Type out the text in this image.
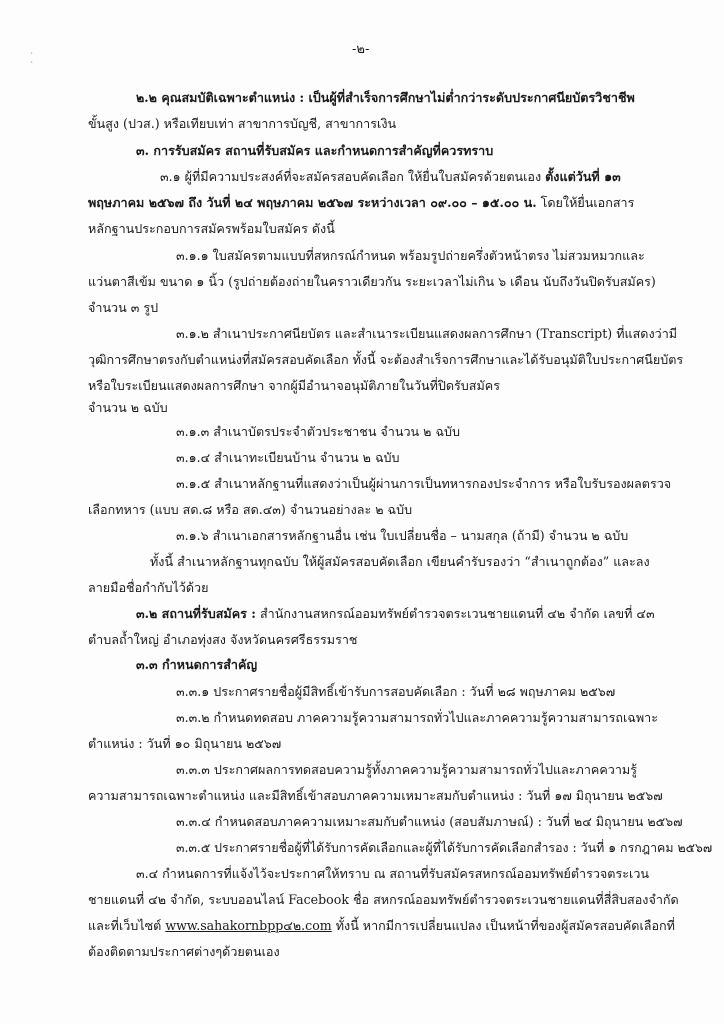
` `
-๒-
๒.๒ คุณสมบัติเฉพาะตำแหน่ง : เป็นผู้ที่สำเร็จการศึกษาไม่ต่ำกว่าระดับประกาศนียบัตรวิชาชีพ
ขั้นสูง (ปวส.) หรือเทียบเท่า สาขาการบัญชี, สาขาการเงิน
๓. การรับสมัคร สถานที่รับสมัคร และกำหนดการสำคัญที่ควรทราบ
๓.๑ ผู้ที่มีความประสงค์ที่จะสมัครสอบคัดเลือก ให้ยื่นใบสมัครด้วยตนเอง ตั้งแต่วันที่ ๑๓
พฤษภาคม ๒๕๖๗ ถึง วันที่ ๒๔ พฤษภาคม ๒๕๖๗ ระหว่างเวลา ๐๙.๐๐ – ๑๕.๐๐ น. โดยให้ยื่นเอกสาร
หลักฐานประกอบการสมัครพร้อมใบสมัคร ดังนี้
๓.๑.๑ ใบสมัครตามแบบที่สหกรณ์กำหนด พร้อมรูปถ่ายครึ่งตัวหน้าตรง ไม่สวมหมวกและ
แว่นตาสีเข้ม ขนาด ๑ นิ้ว (รูปถ่ายต้องถ่ายในคราวเดียวกัน ระยะเวลาไม่เกิน ๖ เดือน นับถึงวันปิดรับสมัคร)
จำนวน ๓ รูป
๓.๑.๒ สำเนาประกาศนียบัตร และสำเนาระเบียนแสดงผลการศึกษา (Transcript) ที่แสดงว่ามี
วุฒิการศึกษาตรงกับตำแหน่งที่สมัครสอบคัดเลือก ทั้งนี้ จะต้องสำเร็จการศึกษาและได้รับอนุมัติใบประกาศนียบัตร
หรือใบระเบียนแสดงผลการศึกษา จากผู้มีอำนาจอนุมัติภายในวันที่ปิดรับสมัคร
จำนวน ๒ ฉบับ
๓.๑.๓ สำเนาบัตรประจำตัวประชาชน จำนวน ๒ ฉบับ
๓.๑.๔ สำเนาทะเบียนบ้าน จำนวน ๒ ฉบับ
๓.๑.๕ สำเนาหลักฐานที่แสดงว่าเป็นผู้ผ่านการเป็นทหารกองประจำการ หรือใบรับรองผลตรวจ
เลือกทหาร (แบบ สด.๘ หรือ สด.๔๓) จำนวนอย่างละ ๒ ฉบับ
๓.๑.๖ สำเนาเอกสารหลักฐานอื่น เช่น ใบเปลี่ยนชื่อ – นามสกุล (ถ้ามี) จำนวน ๒ ฉบับ
ทั้งนี้ สำเนาหลักฐานทุกฉบับ ให้ผู้สมัครสอบคัดเลือก เขียนคำรับรองว่า “สำเนาถูกต้อง” และลง
ลายมือชื่อกำกับไว้ด้วย
๓.๒ สถานที่รับสมัคร : สำนักงานสหกรณ์ออมทรัพย์ตำรวจตระเวนชายแดนที่ ๔๒ จำกัด เลขที่ ๔๓
ตำบลถ้ำใหญ่ อำเภอทุ่งสง จังหวัดนครศรีธรรมราช
๓.๓ กำหนดการสำคัญ
๓.๓.๑ ประกาศรายชื่อผู้มีสิทธิ์เข้ารับการสอบคัดเลือก : วันที่ ๒๘ พฤษภาคม ๒๕๖๗
๓.๓.๒ กำหนดทดสอบ ภาคความรู้ความสามารถทั่วไปและภาคความรู้ความสามารถเฉพาะ
ตำแหน่ง : วันที่ ๑๐ มิถุนายน ๒๕๖๗
๓.๓.๓ ประกาศผลการทดสอบความรู้ทั้งภาคความรู้ความสามารถทั่วไปและภาคความรู้
ความสามารถเฉพาะตำแหน่ง และมีสิทธิ์เข้าสอบภาคความเหมาะสมกับตำแหน่ง : วันที่ ๑๗ มิถุนายน ๒๕๖๗
๓.๓.๔ กำหนดสอบภาคความเหมาะสมกับตำแหน่ง (สอบสัมภาษณ์) : วันที่ ๒๔ มิถุนายน ๒๕๖๗
๓.๓.๕ ประกาศรายชื่อผู้ที่ได้รับการคัดเลือกและผู้ที่ได้รับการคัดเลือกสำรอง : วันที่ ๑ กรกฎาคม ๒๕๖๗
๓.๔ กำหนดการที่แจ้งไว้จะประกาศให้ทราบ ณ สถานที่รับสมัครสหกรณ์ออมทรัพย์ตำรวจตระเวน
ชายแดนที่ ๔๒ จำกัด, ระบบออนไลน์ Facebook ชื่อ สหกรณ์ออมทรัพย์ตำรวจตระเวนชายแดนที่สี่สิบสองจำกัด
และที่เว็บไซต์ www.sahakornbpp๔๒.com ทั้งนี้ หากมีการเปลี่ยนแปลง เป็นหน้าที่ของผู้สมัครสอบคัดเลือกที่
ต้องติดตามประกาศต่างๆด้วยตนเอง
